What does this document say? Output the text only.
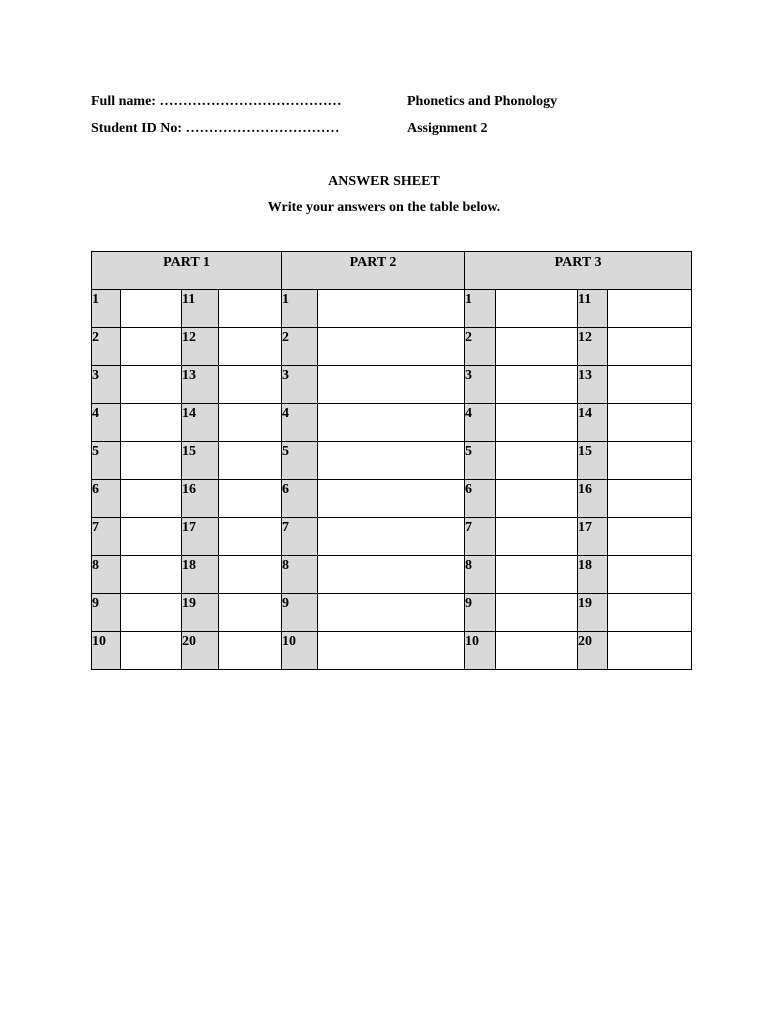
Full name: …………………………………	Phonetics and Phonology
Student ID No: ……………………………	Assignment 2
ANSWER SHEET
Write your answers on the table below.
PART 1				PART 2		PART 3			
1		11		1		1		11	
2		12		2		2		12	
3		13		3		3		13	
4		14		4		4		14	
5		15		5		5		15	
6		16		6		6		16	
7		17		7		7		17	
8		18		8		8		18	
9		19		9		9		19	
10		20		10		10		20	
